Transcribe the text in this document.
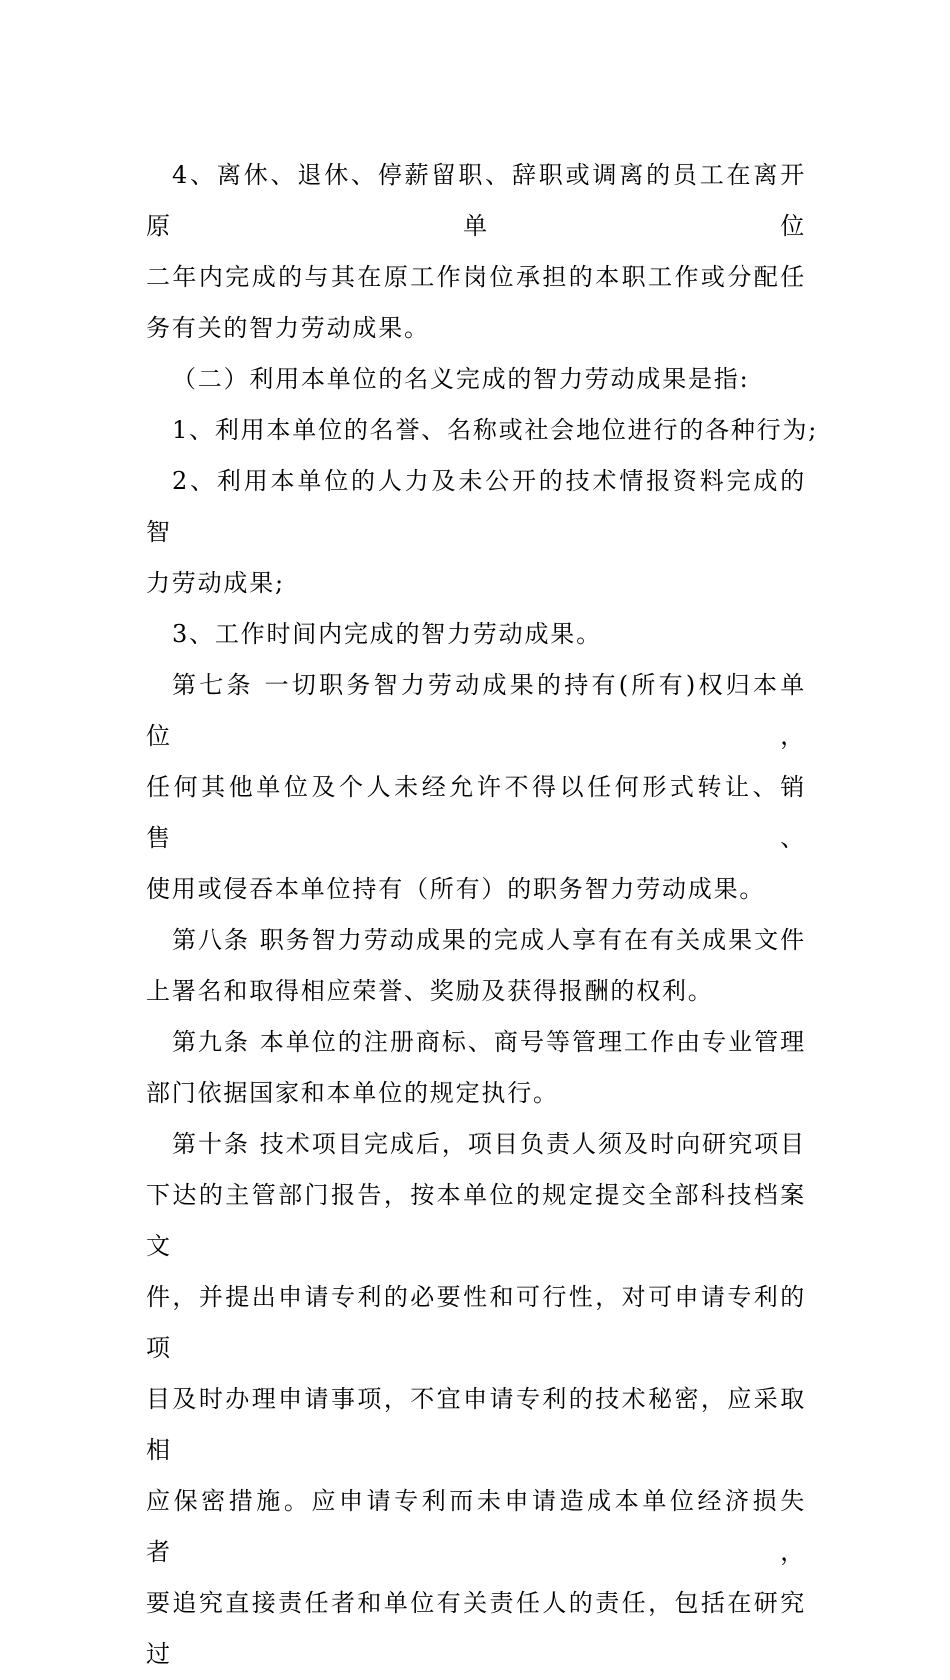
4、离休、退休、停薪留职、辞职或调离的员工在离开原单位
二年内完成的与其在原工作岗位承担的本职工作或分配任
务有关的智力劳动成果。

（二）利用本单位的名义完成的智力劳动成果是指:

1、利用本单位的名誉、名称或社会地位进行的各种行为;

2、利用本单位的人力及未公开的技术情报资料完成的智
力劳动成果;

3、工作时间内完成的智力劳动成果。

第七条 一切职务智力劳动成果的持有(所有)权归本单位，
任何其他单位及个人未经允许不得以任何形式转让、销售、
使用或侵吞本单位持有（所有）的职务智力劳动成果。

第八条 职务智力劳动成果的完成人享有在有关成果文件
上署名和取得相应荣誉、奖励及获得报酬的权利。

第九条 本单位的注册商标、商号等管理工作由专业管理
部门依据国家和本单位的规定执行。

第十条 技术项目完成后，项目负责人须及时向研究项目
下达的主管部门报告，按本单位的规定提交全部科技档案文
件，并提出申请专利的必要性和可行性，对可申请专利的项
目及时办理申请事项，不宜申请专利的技术秘密，应采取相
应保密措施。应申请专利而未申请造成本单位经济损失者，
要追究直接责任者和单位有关责任人的责任，包括在研究过
